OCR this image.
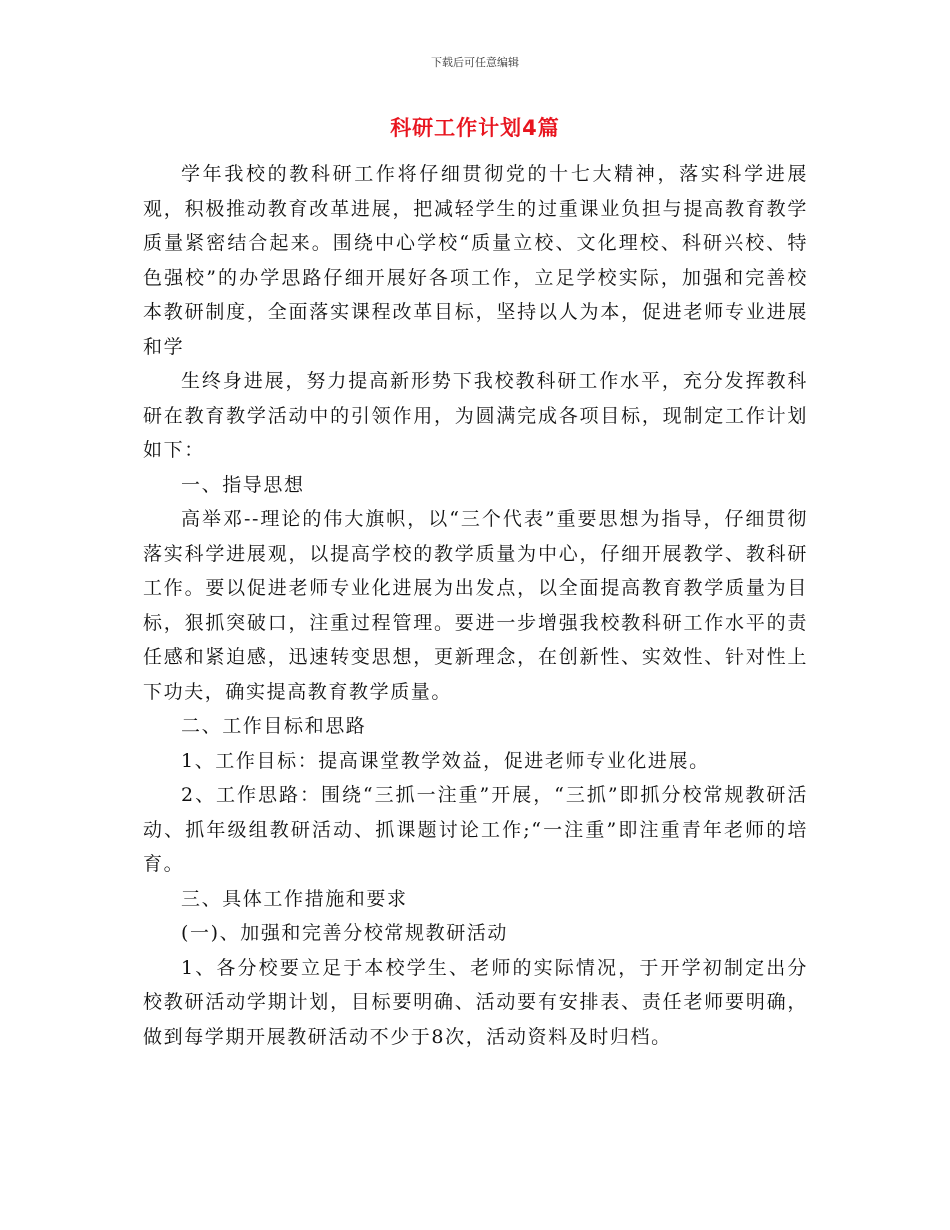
下载后可任意编辑
科研工作计划4篇

学年我校的教科研工作将仔细贯彻党的十七大精神，落实科学进展观，积极推动教育改革进展，把减轻学生的过重课业负担与提高教育教学质量紧密结合起来。围绕中心学校“质量立校、文化理校、科研兴校、特色强校”的办学思路仔细开展好各项工作，立足学校实际，加强和完善校本教研制度，全面落实课程改革目标，坚持以人为本，促进老师专业进展和学

生终身进展，努力提高新形势下我校教科研工作水平，充分发挥教科研在教育教学活动中的引领作用，为圆满完成各项目标，现制定工作计划如下：

一、指导思想

高举邓--理论的伟大旗帜，以“三个代表”重要思想为指导，仔细贯彻落实科学进展观，以提高学校的教学质量为中心，仔细开展教学、教科研工作。要以促进老师专业化进展为出发点，以全面提高教育教学质量为目标，狠抓突破口，注重过程管理。要进一步增强我校教科研工作水平的责任感和紧迫感，迅速转变思想，更新理念，在创新性、实效性、针对性上下功夫，确实提高教育教学质量。

二、工作目标和思路

1、工作目标：提高课堂教学效益，促进老师专业化进展。

2、工作思路：围绕“三抓一注重”开展，“三抓”即抓分校常规教研活动、抓年级组教研活动、抓课题讨论工作;“一注重”即注重青年老师的培育。

三、具体工作措施和要求

(一)、加强和完善分校常规教研活动

1、各分校要立足于本校学生、老师的实际情况，于开学初制定出分校教研活动学期计划，目标要明确、活动要有安排表、责任老师要明确，做到每学期开展教研活动不少于8次，活动资料及时归档。
